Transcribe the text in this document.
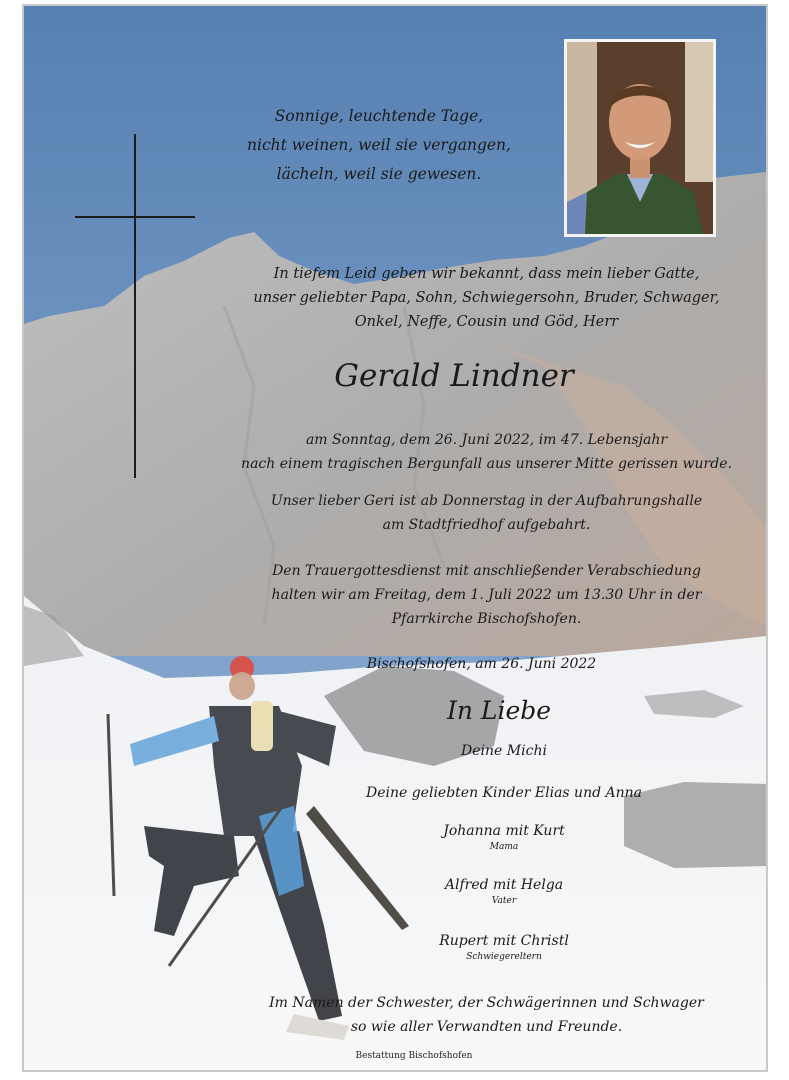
Sonnige, leuchtende Tage,
nicht weinen, weil sie vergangen,
lächeln, weil sie gewesen.
In tiefem Leid geben wir bekannt, dass mein lieber Gatte,
unser geliebter Papa, Sohn, Schwiegersohn, Bruder, Schwager,
Onkel, Neffe, Cousin und Göd, Herr
Gerald Lindner
am Sonntag, dem 26. Juni 2022, im 47. Lebensjahr
nach einem tragischen Bergunfall aus unserer Mitte gerissen wurde.
Unser lieber Geri ist ab Donnerstag in der Aufbahrungshalle
am Stadtfriedhof aufgebahrt.
Den Trauergottesdienst mit anschließender Verabschiedung
halten wir am Freitag, dem 1. Juli 2022 um 13.30 Uhr in der
Pfarrkirche Bischofshofen.
Bischofshofen, am 26. Juni 2022
In Liebe
Deine Michi
Deine geliebten Kinder Elias und Anna
Johanna mit Kurt
Mama
Alfred mit Helga
Vater
Rupert mit Christl
Schwiegereltern
Im Namen der Schwester, der Schwägerinnen und Schwager
so wie aller Verwandten und Freunde.
Bestattung Bischofshofen
